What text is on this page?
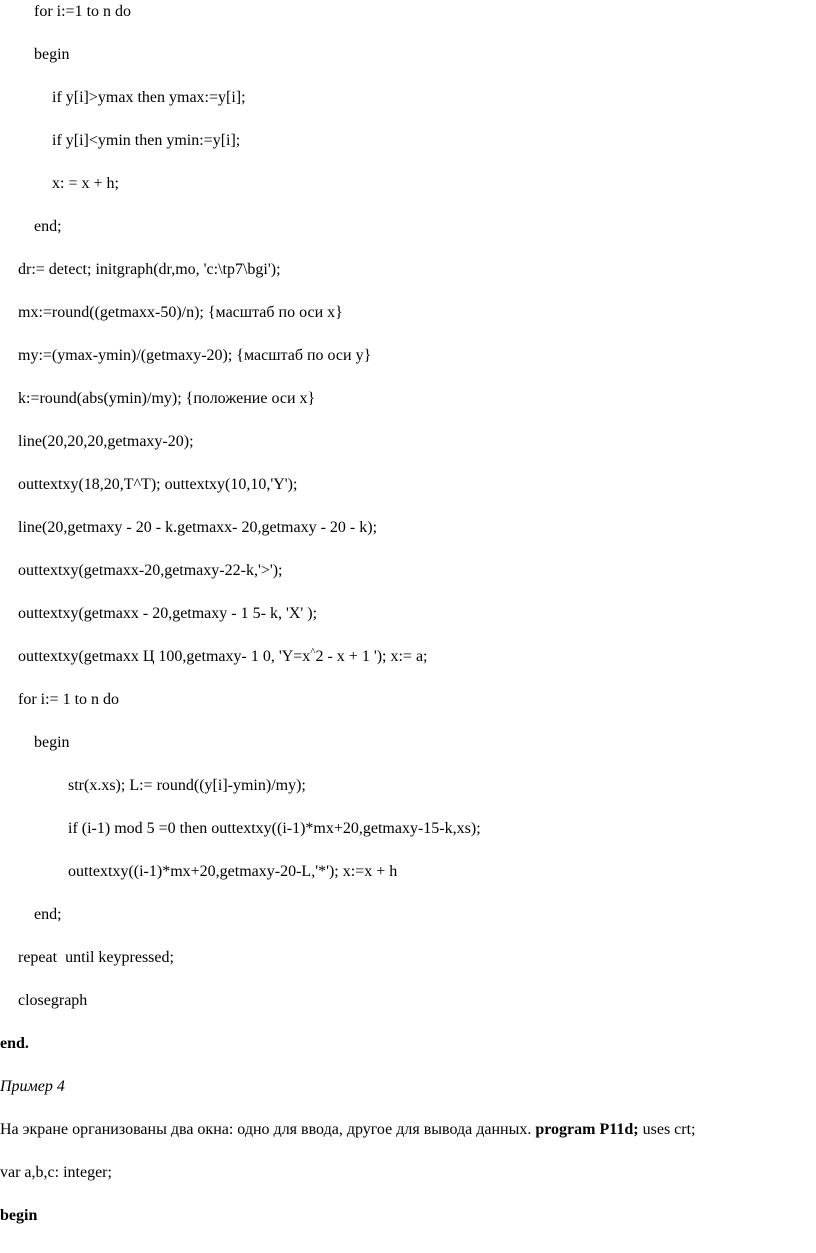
for i:=1 to n do
begin
if y[i]>ymax then ymax:=y[i];
if y[i]<ymin then ymin:=y[i];
x: = x + h;
end;
dr:= detect; initgraph(dr,mo, 'c:\tp7\bgi');
mx:=round((getmaxx-50)/n); {масштаб по оси x}
my:=(ymax-ymin)/(getmaxy-20); {масштаб по оси y}
k:=round(abs(ymin)/my); {положение оси x}
line(20,20,20,getmaxy-20);
outtextxy(18,20,T^T); outtextxy(10,10,'Y');
line(20,getmaxy - 20 - k.getmaxx- 20,getmaxy - 20 - k);
outtextxy(getmaxx-20,getmaxy-22-k,'>');
outtextxy(getmaxx - 20,getmaxy - 1 5- k, 'X' );
outtextxy(getmaxx Ц 100,getmaxy- 1 0, 'Y=x^2 - x + 1 '); x:= a;
for i:= 1 to n do
begin
str(x.xs); L:= round((y[i]-ymin)/my);
if (i-1) mod 5 =0 then outtextxy((i-1)*mx+20,getmaxy-15-k,xs);
outtextxy((i-1)*mx+20,getmaxy-20-L,'*'); x:=x + h
end;
repeat  until keypressed;
closegraph
end.
Пример 4
На экране организованы два окна: одно для ввода, другое для вывода данных. program P11d; uses crt;
var a,b,c: integer;
begin
